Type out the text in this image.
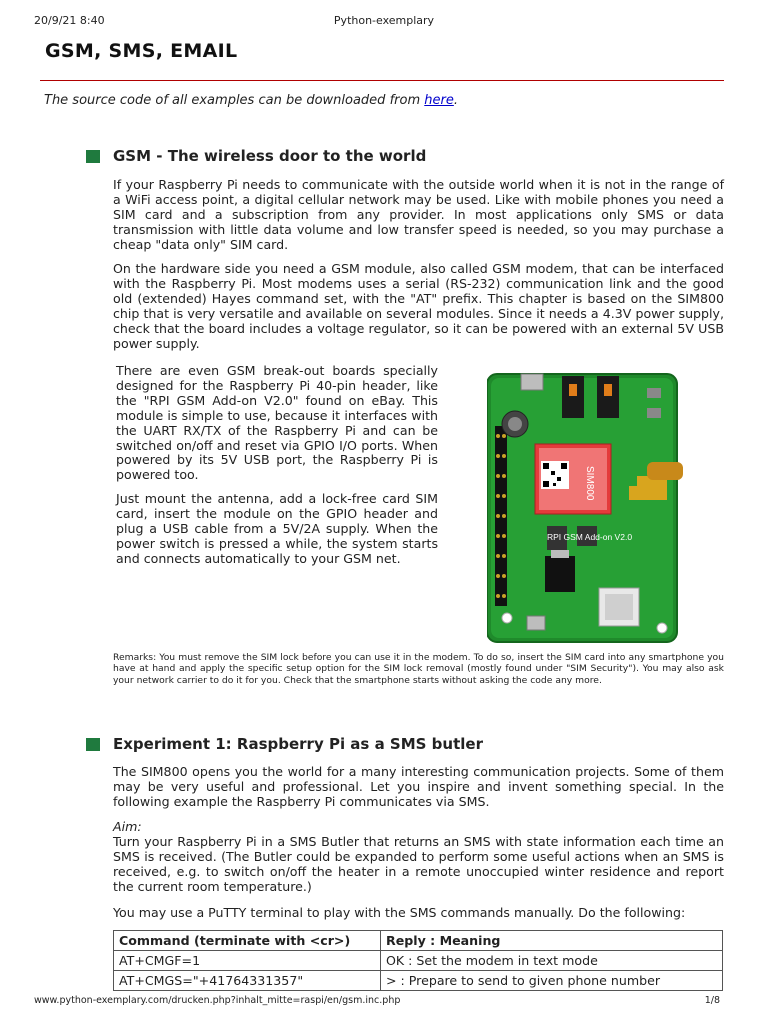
20/9/21 8:40	Python-exemplary
GSM, SMS, EMAIL
The source code of all examples can be downloaded from here.
GSM - The wireless door to the world

If your Raspberry Pi needs to communicate with the outside world when it is not in the range of a WiFi access point, a digital cellular network may be used. Like with mobile phones you need a SIM card and a subscription from any provider. In most applications only SMS or data transmission with little data volume and low transfer speed is needed, so you may purchase a cheap "data only" SIM card.

On the hardware side you need a GSM module, also called GSM modem, that can be interfaced with the Raspberry Pi. Most modems uses a serial (RS-232) communication link and the good old (extended) Hayes command set, with the "AT" prefix. This chapter is based on the SIM800 chip that is very versatile and available on several modules. Since it needs a 4.3V power supply, check that the board includes a voltage regulator, so it can be powered with an external 5V USB power supply.

There are even GSM break-out boards specially designed for the Raspberry Pi 40-pin header, like the "RPI GSM Add-on V2.0" found on eBay. This module is simple to use, because it interfaces with the UART RX/TX of the Raspberry Pi and can be switched on/off and reset via GPIO I/O ports. When powered by its 5V USB port, the Raspberry Pi is powered too.

Just mount the antenna, add a lock-free card SIM card, insert the module on the GPIO header and plug a USB cable from a 5V/2A supply. When the power switch is pressed a while, the system starts and connects automatically to your GSM net.

SIM800
RPI GSM Add-on V2.0

Remarks: You must remove the SIM lock before you can use it in the modem. To do so, insert the SIM card into any smartphone you have at hand and apply the specific setup option for the SIM lock removal (mostly found under "SIM Security"). You may also ask your network carrier to do it for you. Check that the smartphone starts without asking the code any more.

Experiment 1: Raspberry Pi as a SMS butler

The SIM800 opens you the world for a many interesting communication projects. Some of them may be very useful and professional. Let you inspire and invent something special. In the following example the Raspberry Pi communicates via SMS.

Aim:

Turn your Raspberry Pi in a SMS Butler that returns an SMS with state information each time an SMS is received. (The Butler could be expanded to perform some useful actions when an SMS is received, e.g. to switch on/off the heater in a remote unoccupied winter residence and report the current room temperature.)

You may use a PuTTY terminal to play with the SMS commands manually. Do the following:

Command (terminate with <cr>)	Reply : Meaning
AT+CMGF=1	OK : Set the modem in text mode
AT+CMGS="+41764331357"	> : Prepare to send to given phone number
www.python-exemplary.com/drucken.php?inhalt_mitte=raspi/en/gsm.inc.php	1/8
